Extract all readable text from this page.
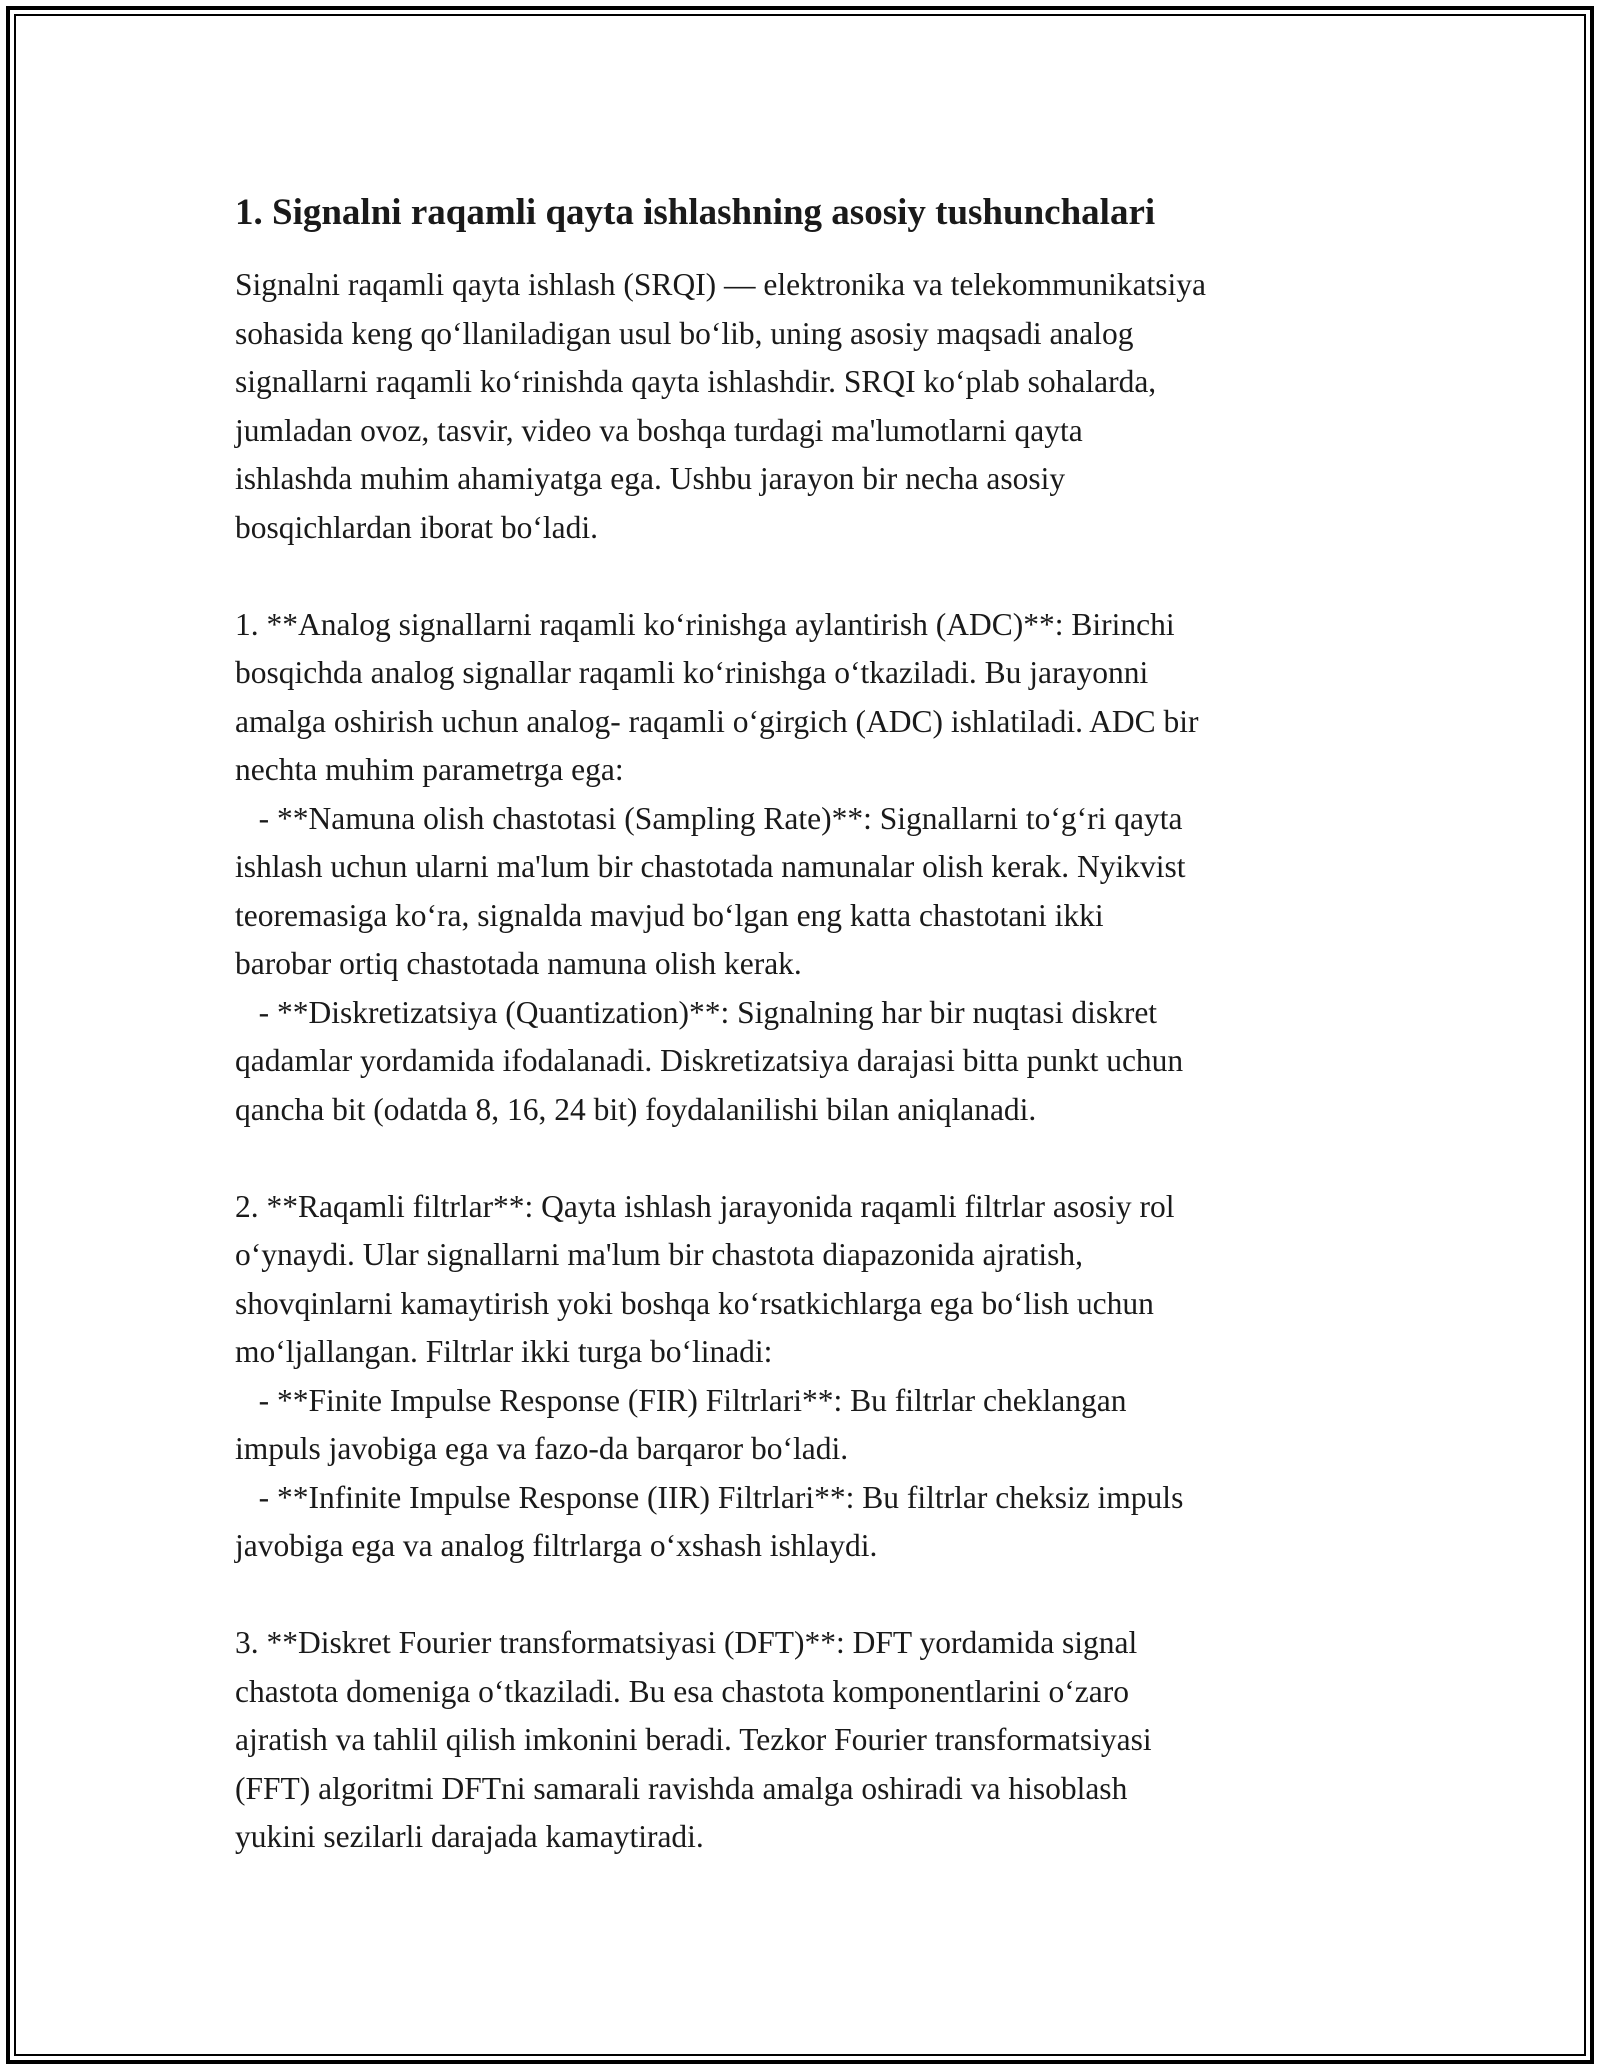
1. Signalni raqamli qayta ishlashning asosiy tushunchalari
Signalni raqamli qayta ishlash (SRQI) — elektronika va telekommunikatsiya
sohasida keng qo‘llaniladigan usul bo‘lib, uning asosiy maqsadi analog
signallarni raqamli ko‘rinishda qayta ishlashdir. SRQI ko‘plab sohalarda,
jumladan ovoz, tasvir, video va boshqa turdagi ma'lumotlarni qayta
ishlashda muhim ahamiyatga ega. Ushbu jarayon bir necha asosiy
bosqichlardan iborat bo‘ladi.
1. **Analog signallarni raqamli ko‘rinishga aylantirish (ADC)**: Birinchi
bosqichda analog signallar raqamli ko‘rinishga o‘tkaziladi. Bu jarayonni
amalga oshirish uchun analog- raqamli o‘girgich (ADC) ishlatiladi. ADC bir
nechta muhim parametrga ega:
- **Namuna olish chastotasi (Sampling Rate)**: Signallarni to‘g‘ri qayta
ishlash uchun ularni ma'lum bir chastotada namunalar olish kerak. Nyikvist
teoremasiga ko‘ra, signalda mavjud bo‘lgan eng katta chastotani ikki
barobar ortiq chastotada namuna olish kerak.
- **Diskretizatsiya (Quantization)**: Signalning har bir nuqtasi diskret
qadamlar yordamida ifodalanadi. Diskretizatsiya darajasi bitta punkt uchun
qancha bit (odatda 8, 16, 24 bit) foydalanilishi bilan aniqlanadi.
2. **Raqamli filtrlar**: Qayta ishlash jarayonida raqamli filtrlar asosiy rol
o‘ynaydi. Ular signallarni ma'lum bir chastota diapazonida ajratish,
shovqinlarni kamaytirish yoki boshqa ko‘rsatkichlarga ega bo‘lish uchun
mo‘ljallangan. Filtrlar ikki turga bo‘linadi:
- **Finite Impulse Response (FIR) Filtrlari**: Bu filtrlar cheklangan
impuls javobiga ega va fazo-da barqaror bo‘ladi.
- **Infinite Impulse Response (IIR) Filtrlari**: Bu filtrlar cheksiz impuls
javobiga ega va analog filtrlarga o‘xshash ishlaydi.
3. **Diskret Fourier transformatsiyasi (DFT)**: DFT yordamida signal
chastota domeniga o‘tkaziladi. Bu esa chastota komponentlarini o‘zaro
ajratish va tahlil qilish imkonini beradi. Tezkor Fourier transformatsiyasi
(FFT) algoritmi DFTni samarali ravishda amalga oshiradi va hisoblash
yukini sezilarli darajada kamaytiradi.
